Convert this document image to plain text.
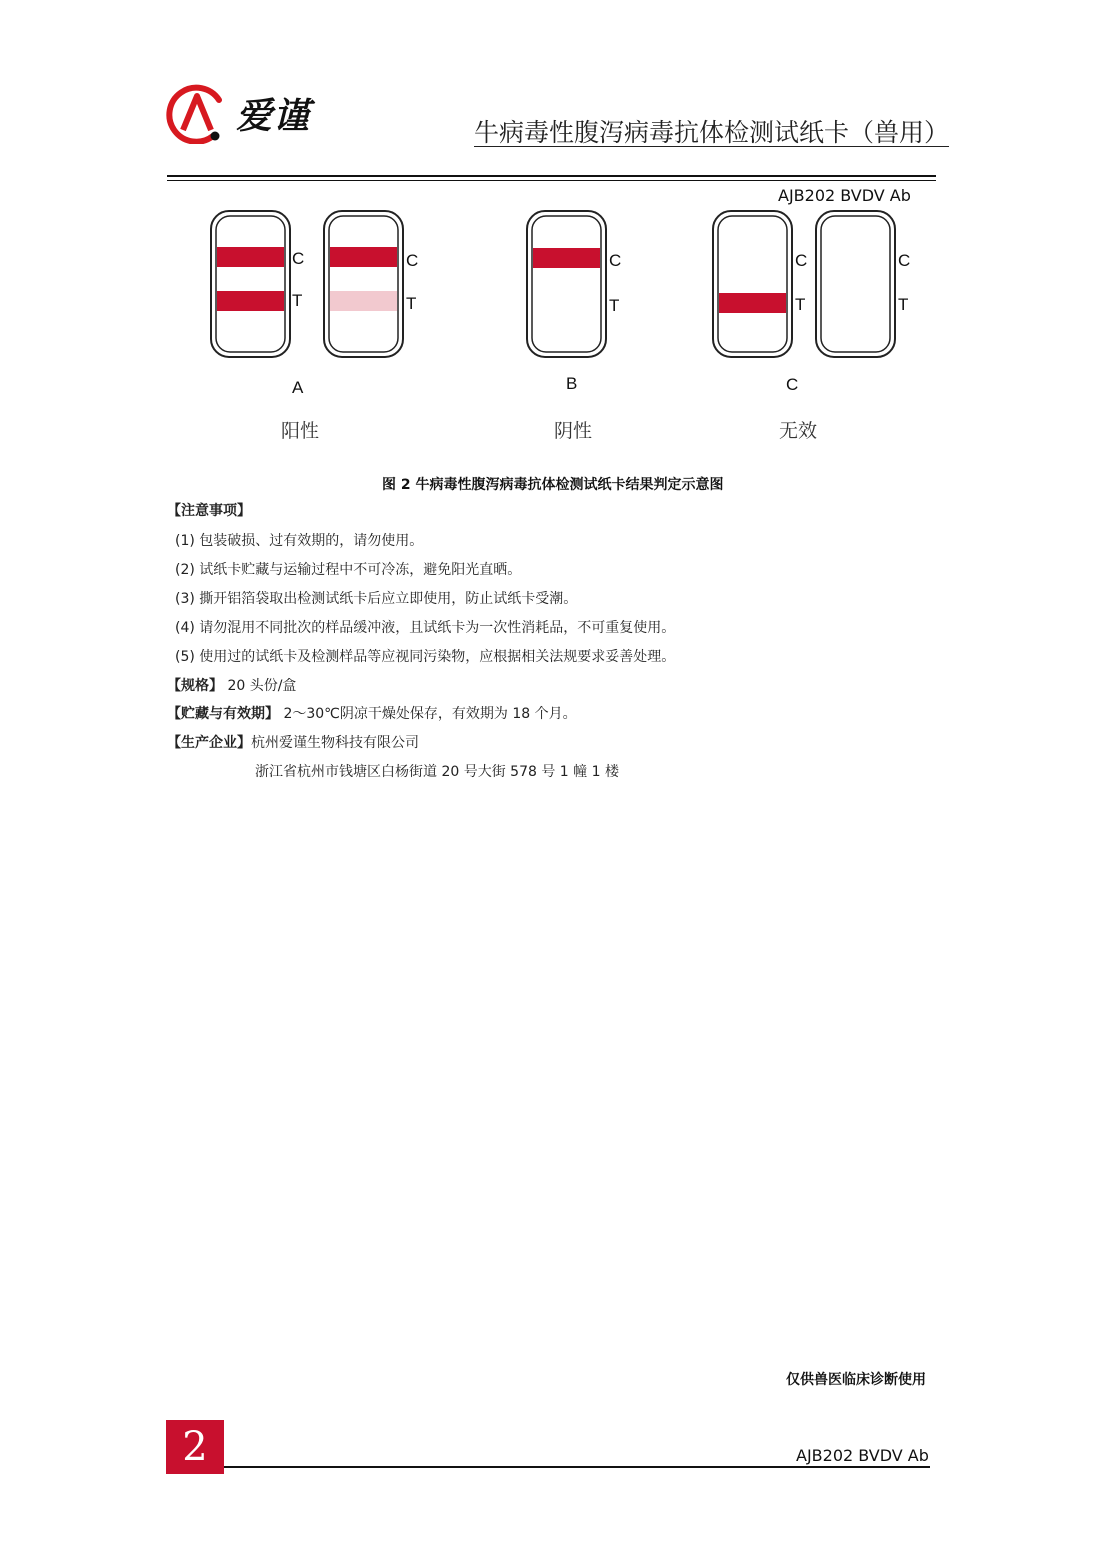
爱谨	牛病毒性腹泻病毒抗体检测试纸卡（兽用）
AJB202 BVDV Ab
C
T
C
T
C
T
C
T
C
T
A	B	C
阳性	阴性	无效
图 2 牛病毒性腹泻病毒抗体检测试纸卡结果判定示意图
【注意事项】
(1) 包装破损、过有效期的，请勿使用。
(2) 试纸卡贮藏与运输过程中不可冷冻，避免阳光直晒。
(3) 撕开铝箔袋取出检测试纸卡后应立即使用，防止试纸卡受潮。
(4) 请勿混用不同批次的样品缓冲液，且试纸卡为一次性消耗品，不可重复使用。
(5) 使用过的试纸卡及检测样品等应视同污染物，应根据相关法规要求妥善处理。
【规格】 20 头份/盒
【贮藏与有效期】 2～30℃阴凉干燥处保存，有效期为 18 个月。
【生产企业】杭州爱谨生物科技有限公司
浙江省杭州市钱塘区白杨街道 20 号大街 578 号 1 幢 1 楼
仅供兽医临床诊断使用
2	AJB202 BVDV Ab
